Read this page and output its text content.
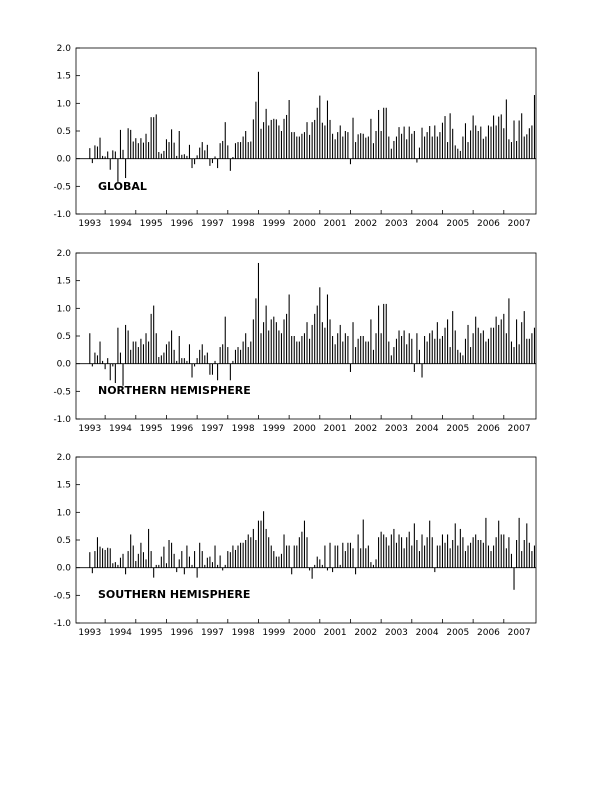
2.0
1.5
1.0
0.5
0.0
-0.5
-1.0
1993 1994 1995 1996 1997 1998 1999 2000 2001 2002 2003 2004 2005 2006 2007
GLOBAL
2.0
1.5
1.0
0.5
0.0
-0.5
-1.0
1993 1994 1995 1996 1997 1998 1999 2000 2001 2002 2003 2004 2005 2006 2007
NORTHERN HEMISPHERE
2.0
1.5
1.0
0.5
0.0
-0.5
-1.0
1993 1994 1995 1996 1997 1998 1999 2000 2001 2002 2003 2004 2005 2006 2007
SOUTHERN HEMISPHERE
